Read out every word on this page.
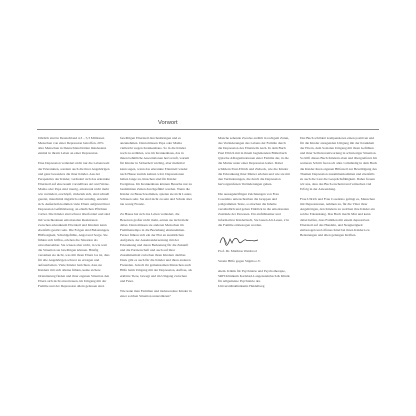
Vorwort

Jährlich sind in Deutschland 4,3 – 5,3 Millionen Menschen von einer Depression betroffen. 20% aller Menschen in Deutschland hätten mindestens einmal in ihrem Leben an einer Depression.

Eine Depression verändert nicht nur die Lebenswelt der Erkrankten, sondern auch die ihrer Angehörigen und ganz besonders die ihrer Kinder. Aus der Perspektive der Kinder, verändert sich das erkrankte Elternteil auf eine kaum vorstellbare Art und Weise. Mama oder Papa sind traurig, emotional nicht mehr wie verändert, erschöpft, rückzieh sich, sind schnell gereizt, manchmal ängstlich oder unruhig, entzieht sich. Außerdem kommen viele Eltern aufgrund ihrer Depression Gefühlsbezug, an elterlichen Pflichten vorbei. Die Kinder sind schwer überfordert und sind mit verschiedenen emotionalen Reaktionen zwischen erkranktem Elternteil und Kindern kann ebenfalls gestört sein. Die Folgen sind Belastungen, Hilflosigkeit, Schuldgefühle, Angst und Sorge. Sie fühlen sich hilflos, erleben die Situation als unvorhersehbar. Sie wissen aber nicht, in wie weit die Situation sie bewältigen können. Häufig verstehen sie nicht, was mit ihren Eltern los ist, dies für alle Angehörigen schwer zu ertragen und aufzuarbeiten. Viele Kinder berichten, dass sie Kindern mit sich alleine fühlen, keine sichere Orientierung finden und ihrer eigenen Situation den Eltern sich nicht anvertrauen, im Umgang mit der Familie und der Depression allein gelassen sind.

bewältigen Elternteil durchzubringen und es anzunehmen. Dann müssen Papa oder Mama vielleicht wegen Krankenhaus. So in die Kinder noch zu erzählen, was im Krankenhaus, das in ihnen behütliche Assoziationen hervorruft, warum für Kinder in Sicherheit wichtig, aber mehrmal kann sagen, wann das erkrankte Elternteil wieder nach Hause zurück kehren wird. Depressionen halten lange zu, hinschen sind für Kinder Ereignisse. Im Krankenhaus können Besuche nur zu bestimmten Zeiten durchgeführt werden. Wenn die Kinder zu Besuch kommen, spielen sie nicht Lauter, Schauen sehr. Sie sind nicht zu sein und Schule aber nie wenig Freude.

Zu Hause hat sich das Leben verändert, die Bezeicen großer nicht mehr, ernten sie nicht mehr dabei. Denn müssen sie anderen Menschen im Familientempo in die Beziehung einzunehmen. Ferner führen sich ein der Plut an zusätzlichen Aufgaben, der Auseinandersetzung mit der Erkrankung und deren Bedeutung für die Zukunft und die Partnerschaft und auch auf ihrer Zusammenhalt zwischen ihren Kindern darüber. Dazu gibt es auch für die Kinder und ihren anderen Freunden. Jedoch ihr gemeinsamen Menschen auch Hilfe beim Umgang mit der Depression, Aufbau, als erklärte Tiere, bewegt und im Umgang zwischen und Feier.

Wie kann man Familien und insbesondere Kinder in einer solchen Situation unterstützen?

Manche sehende Zwecke erzählt in rechgem Zutun, des Veränderungen des Lebens der Familie durch die Depression des Elternteils nach. In dem Buch Paul Ellrich mit in ihrem begleitenden Bilderbuch typische Alltagssituationen einer Familie dar, in die die Mutter unter einer Depression leidet. Dabei schildern Paul-Ellrich und Ziebeck, wie die Kinder die Erkrankung ihrer Mutter erleben und wie sie mit den Veränderungen, die durch die Depression hervorgerufenen Veränderungen gehen.

Die aussagekräftigen Zeichnungen von Frau Cosentino unterschreiben die Gruppen und poligrammen Texte, so machen die Inhalte verständlich und geben Einblick in die emotionalen Zustände der Personen. Ein einfühlsamer und informativer Kinderbuch, Sie lassen Alt-Lesen, 2 in die Familie einbezogen werden.

Prof. Dr. Matthias Weisbrod

Verein Hilfe gegen Stigma e.V.

ehem. Klinik für Psychiatrie und Psychotherapie, SRH Klinikum Karlsbad-Langensteinbach & Klinik für Allgemeine Psychiatrie des Universitätsklinikums Heidelberg

Das Buch schildert kompensieren einen positiven und für die Kinder anregenden Umgang mit der Krankheit der Eltern, dem Sozialen Umgang mit ihren Gefühlen und ihrer Selbstverantwortung in schwieriger Situation. So hilft dieses Buch Kindern eben und übergreifend. Im weiteren Schritt fast noch alles vollständig in dem Buch die Kinder ihren eigenen Hilfesteil zur Bewältigung des Themen Depression zusammenkommen und ebenfalls zu auch die Lust die Gesprächsfähigkeit. Daher freuen wir uns, dass das Buch erscheint und wünschen viel Erfolg in der Anwendung.

Frau Ullrich und Frau Cosentino gelingt es, Menschen mit Depressionen, nehmen zu, für die Väter ihrer Angehörigen, den Kindern zu welchen ihre Kinder ein solche Erkrankung. Das Buch macht Mut und kann dabei helfen, dass Familien mit einem depressiven Elternteil auf das Handeln, und Neugierigkeit einbezogen und offenes Kind bei ihren Kindern zu Belastungen und allen gelungen Kräften.
